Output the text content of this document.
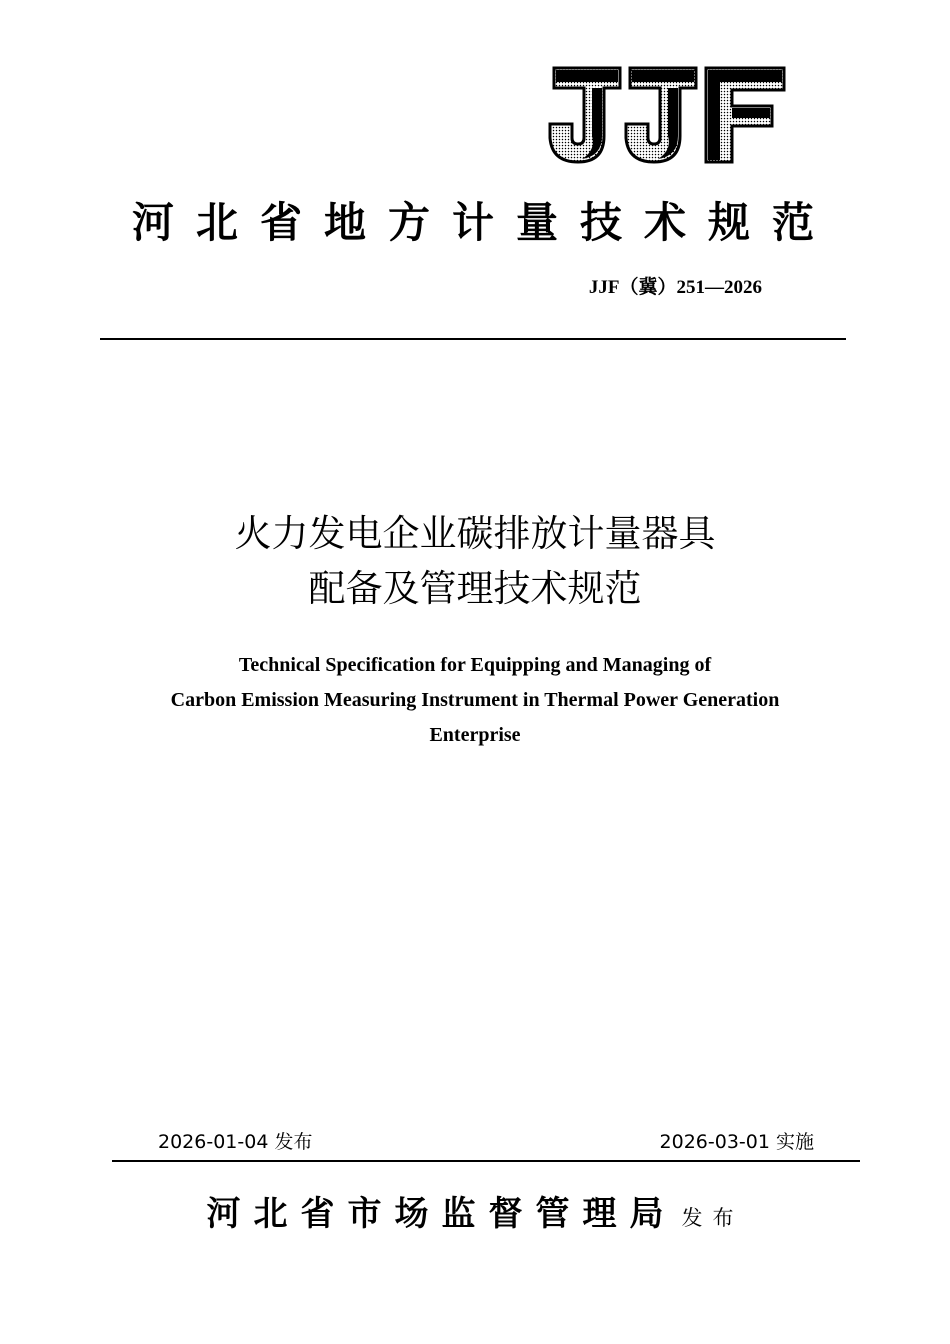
河北省地方计量技术规范
JJF（冀）251—2026
火力发电企业碳排放计量器具
配备及管理技术规范
Technical Specification for Equipping and Managing of
Carbon Emission Measuring Instrument in Thermal Power Generation
Enterprise
2026-01-04 发布	2026-03-01 实施
河北省市场监督管理局 发布
